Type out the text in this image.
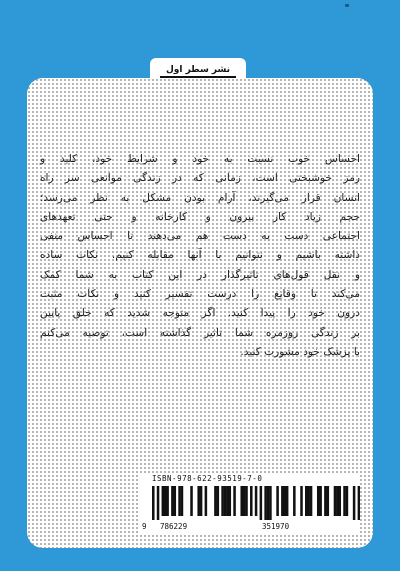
نشر سطر اول
احساس خوب نسبت به خود و شرایط خود، کلید و
رمز خوشبختی است، زمانی که در زندگی موانعی سر راه
انسان قرار می‌گیرند، آرام بودن مشکل به نظر می‌رسد؛
حجم زیاد کار بیرون و کارخانه و حتی تعهدهای
اجتماعی دست به دست هم می‌دهند تا احساس منفی
داشته باشیم و نتوانیم با آنها مقابله کنیم. نکات ساده
و نقل قول‌های تاثیرگذار در این کتاب به شما کمک
می‌کند تا وقایع را درست تفسیر کنید و نکات مثبت
درون خود را پیدا کنید. اگر متوجه شدید که خلق پایین
بر زندگی روزمره شما تاثیر گذاشته است، توصیه می‌کنم
با پزشک خود مشورت کنید.
ISBN-978-622-93519-7-0
9 786229	351970
